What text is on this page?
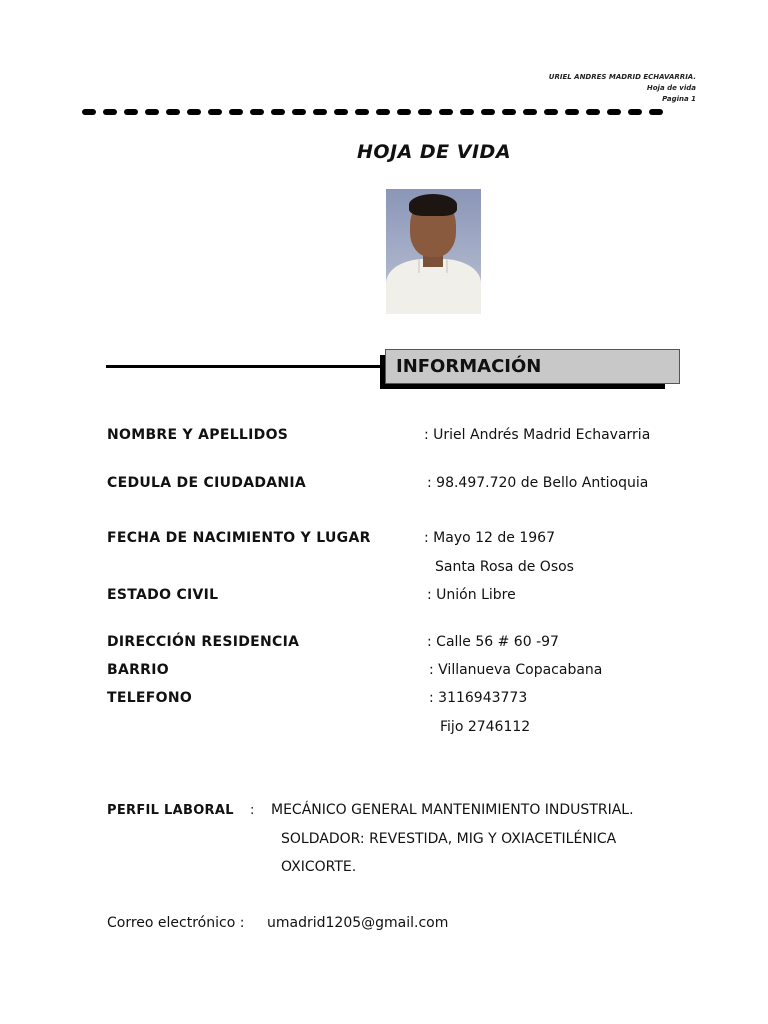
URIEL ANDRES MADRID ECHAVARRIA.
Hoja de vida
Pagina 1
HOJA DE VIDA
INFORMACIÓN
NOMBRE Y APELLIDOS	: Uriel Andrés Madrid Echavarria
CEDULA DE CIUDADANIA	: 98.497.720 de Bello Antioquia
FECHA DE NACIMIENTO Y LUGAR	: Mayo 12 de 1967
Santa Rosa de Osos
ESTADO CIVIL	: Unión Libre
DIRECCIÓN RESIDENCIA	: Calle 56 # 60 -97
BARRIO	: Villanueva Copacabana
TELEFONO	: 3116943773
Fijo 2746112
PERFIL LABORAL : MECÁNICO GENERAL MANTENIMIENTO INDUSTRIAL.
SOLDADOR: REVESTIDA, MIG Y OXIACETILÉNICA
OXICORTE.
Correo electrónico : umadrid1205@gmail.com
